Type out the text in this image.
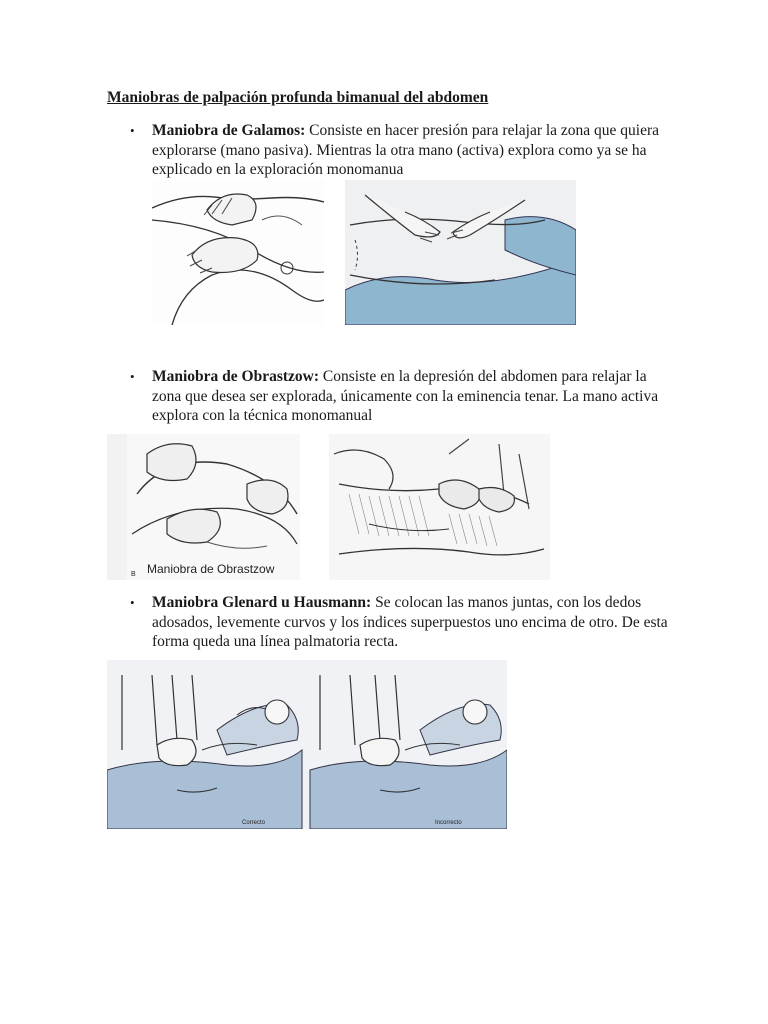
Maniobras de palpación profunda bimanual del abdomen
• Maniobra de Galamos: Consiste en hacer presión para relajar la zona que quiera explorarse (mano pasiva). Mientras la otra mano (activa) explora como ya se ha explicado en la exploración monomanua
• Maniobra de Obrastzow: Consiste en la depresión del abdomen para relajar la zona que desea ser explorada, únicamente con la eminencia tenar. La mano activa explora con la técnica monomanual
B Maniobra de Obrastzow
• Maniobra Glenard u Hausmann: Se colocan las manos juntas, con los dedos adosados, levemente curvos y los índices superpuestos uno encima de otro. De esta forma queda una línea palmatoria recta.
Correcto	Incorrecto
